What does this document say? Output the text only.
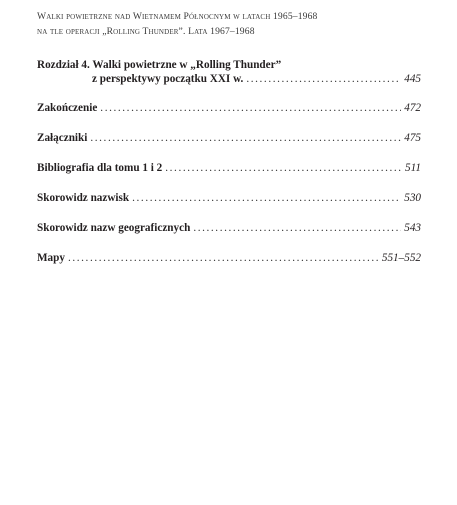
Walki powietrzne nad Wietnamem Północnym w latach 1965–1968
na tle operacji „Rolling Thunder”. Lata 1967–1968
Rozdział 4. Walki powietrzne w „Rolling Thunder”
z perspektywy początku XXI w. .....	445
Zakończenie .....	472
Załączniki .....	475
Bibliografia dla tomu 1 i 2 .....	511
Skorowidz nazwisk .....	530
Skorowidz nazw geograficznych .....	543
Mapy .....	551–552
